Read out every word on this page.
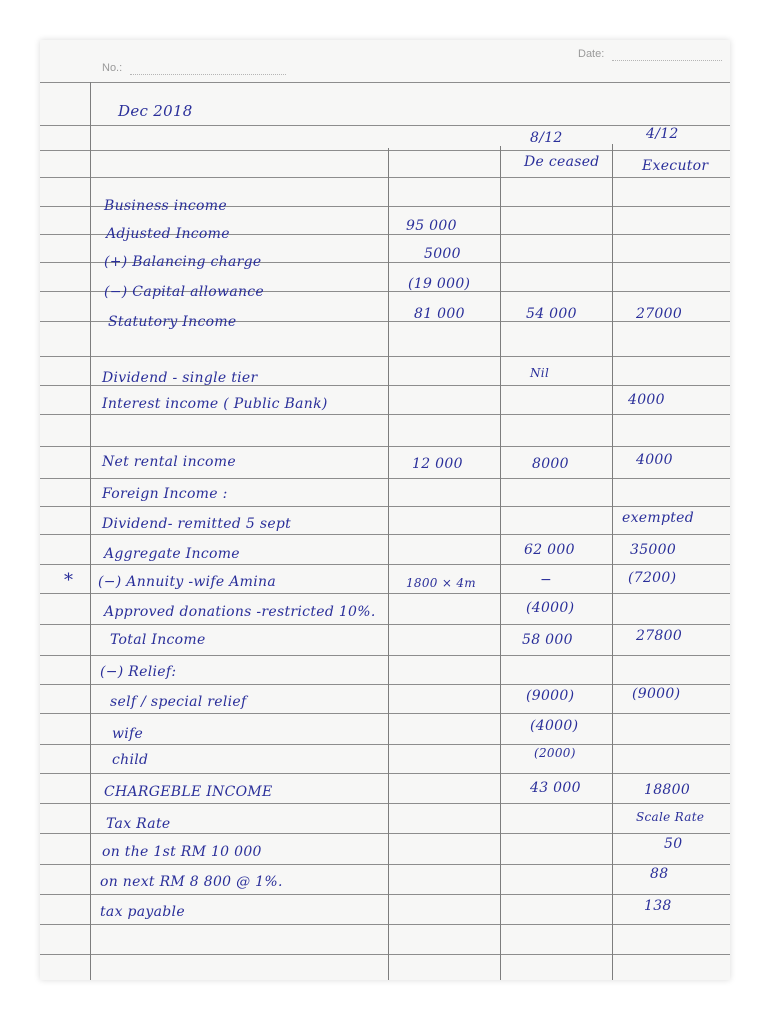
No.:
Date:
Dec 2018
8/12	4/12
De ceased	Executor
Business income
Adjusted Income
(+) Balancing charge
(−) Capital allowance
Statutory Income
Dividend - single tier
Interest income ( Public Bank)
Net rental income
Foreign Income :
Dividend- remitted 5 sept
Aggregate Income
(−) Annuity -wife Amina
Approved donations -restricted 10%.
Total Income
(−) Relief:
self / special relief
wife
child
CHARGEBLE INCOME
Tax Rate
on the 1st RM 10 000
on next RM 8 800 @ 1%.
tax payable
95 000
5000
(19 000)
81 000
12 000
1800 × 4m
54 000
Nil
8000
62 000
−
(4000)
58 000
(9000)
(4000)
(2000)
43 000
27000
4000
4000
exempted
35000
(7200)
27800
(9000)
18800
Scale Rate
50
88
138
*
